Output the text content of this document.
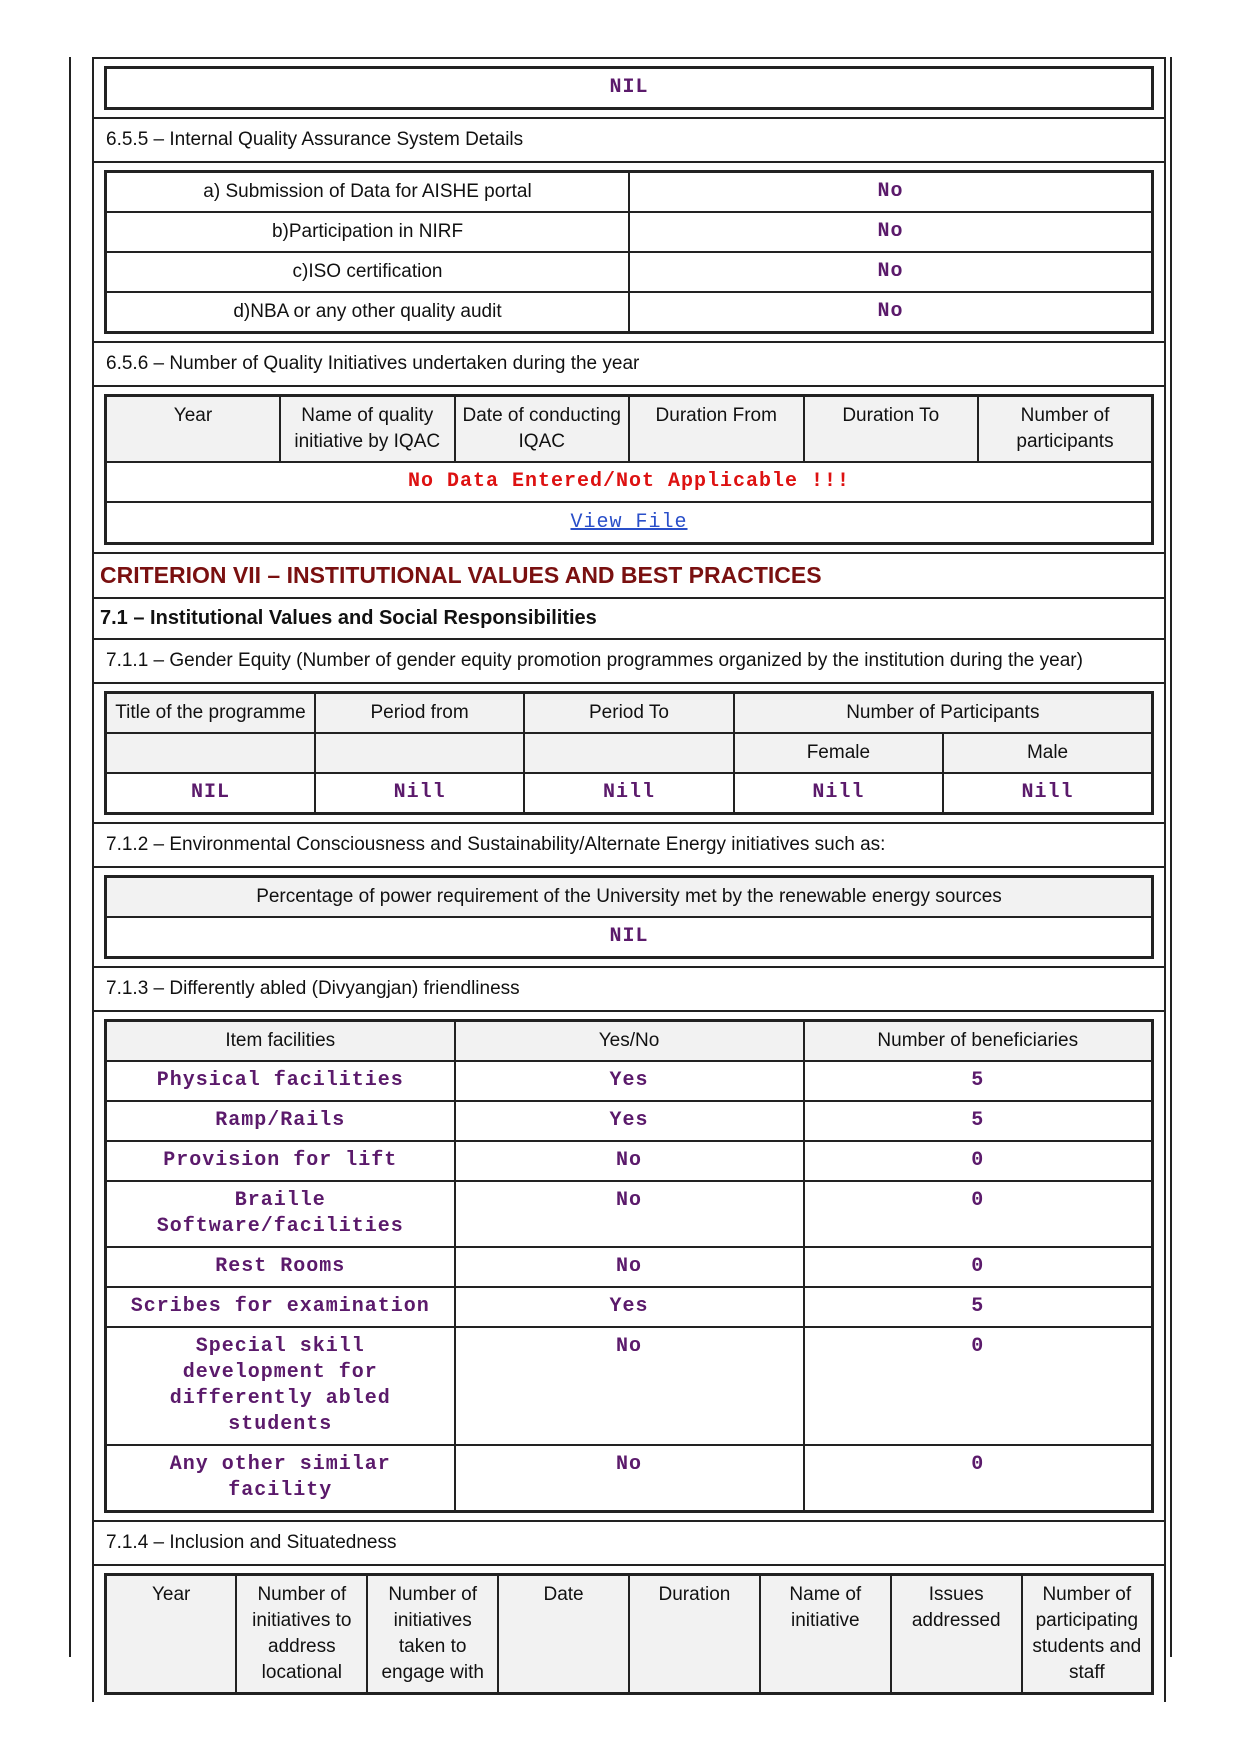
NIL
6.5.5 – Internal Quality Assurance System Details
a) Submission of Data for AISHE portal	No
b)Participation in NIRF	No
c)ISO certification	No
d)NBA or any other quality audit	No
6.5.6 – Number of Quality Initiatives undertaken during the year
Year	Name of quality initiative by IQAC	Date of conducting IQAC	Duration From	Duration To	Number of participants
No Data Entered/Not Applicable !!!
View File
CRITERION VII – INSTITUTIONAL VALUES AND BEST PRACTICES
7.1 – Institutional Values and Social Responsibilities
7.1.1 – Gender Equity (Number of gender equity promotion programmes organized by the institution during the year)
Title of the programme	Period from	Period To	Number of Participants	
			Female	Male
NIL	Nill	Nill	Nill	Nill
7.1.2 – Environmental Consciousness and Sustainability/Alternate Energy initiatives such as:
Percentage of power requirement of the University met by the renewable energy sources
NIL
7.1.3 – Differently abled (Divyangjan) friendliness
Item facilities	Yes/No	Number of beneficiaries
Physical facilities	Yes	5
Ramp/Rails	Yes	5
Provision for lift	No	0
Braille Software/facilities	No	0
Rest Rooms	No	0
Scribes for examination	Yes	5
Special skill development for differently abled students	No	0
Any other similar facility	No	0
7.1.4 – Inclusion and Situatedness
Year	Number of initiatives to address locational	Number of initiatives taken to engage with	Date	Duration	Name of initiative	Issues addressed	Number of participating students and staff
